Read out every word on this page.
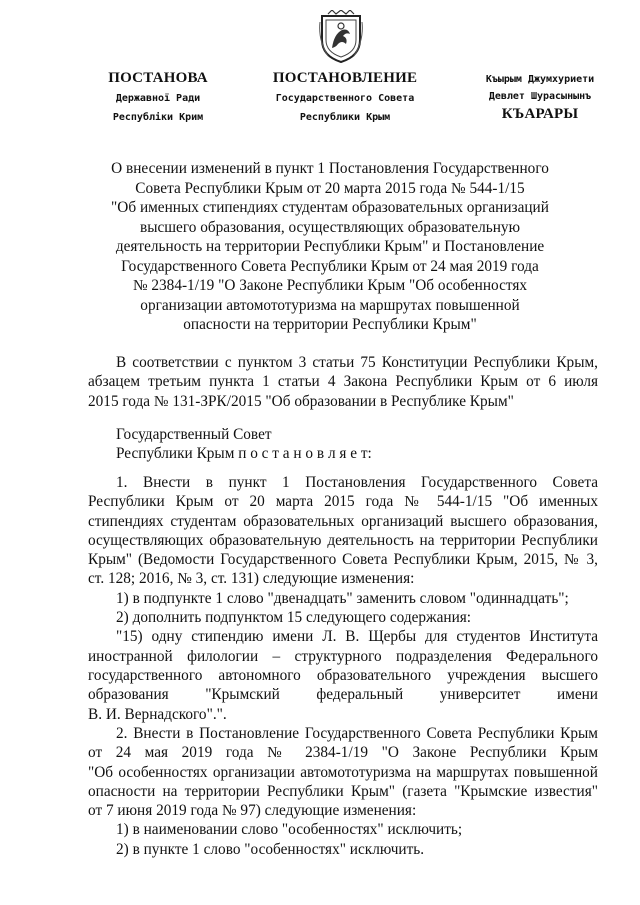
ПОСТАНОВА
Державної Ради
Республіки Крим
ПОСТАНОВЛЕНИЕ
Государственного Совета
Республики Крым
Къырым Джумхуриети
Девлет Шурасынынъ
КЪАРАРЫ
О внесении изменений в пункт 1 Постановления Государственного
Совета Республики Крым от 20 марта 2015 года № 544-1/15
"Об именных стипендиях студентам образовательных организаций
высшего образования, осуществляющих образовательную
деятельность на территории Республики Крым" и Постановление
Государственного Совета Республики Крым от 24 мая 2019 года
№ 2384-1/19 "О Законе Республики Крым "Об особенностях
организации автомототуризма на маршрутах повышенной
опасности на территории Республики Крым"
В соответствии с пунктом 3 статьи 75 Конституции Республики Крым,
абзацем третьим пункта 1 статьи 4 Закона Республики Крым от 6 июля
2015 года № 131-ЗРК/2015 "Об образовании в Республике Крым"
Государственный Совет
Республики Крым п о с т а н о в л я е т:
1. Внести в пункт 1 Постановления Государственного Совета
Республики Крым от 20 марта 2015 года № 544-1/15 "Об именных
стипендиях студентам образовательных организаций высшего образования,
осуществляющих образовательную деятельность на территории Республики
Крым" (Ведомости Государственного Совета Республики Крым, 2015, № 3,
ст. 128; 2016, № 3, ст. 131) следующие изменения:
1) в подпункте 1 слово "двенадцать" заменить словом "одиннадцать";
2) дополнить подпунктом 15 следующего содержания:
"15) одну стипендию имени Л. В. Щербы для студентов Института
иностранной филологии – структурного подразделения Федерального
государственного автономного образовательного учреждения высшего
образования "Крымский федеральный университет имени
В. И. Вернадского".".
2. Внести в Постановление Государственного Совета Республики Крым
от 24 мая 2019 года № 2384-1/19 "О Законе Республики Крым
"Об особенностях организации автомототуризма на маршрутах повышенной
опасности на территории Республики Крым" (газета "Крымские известия"
от 7 июня 2019 года № 97) следующие изменения:
1) в наименовании слово "особенностях" исключить;
2) в пункте 1 слово "особенностях" исключить.
